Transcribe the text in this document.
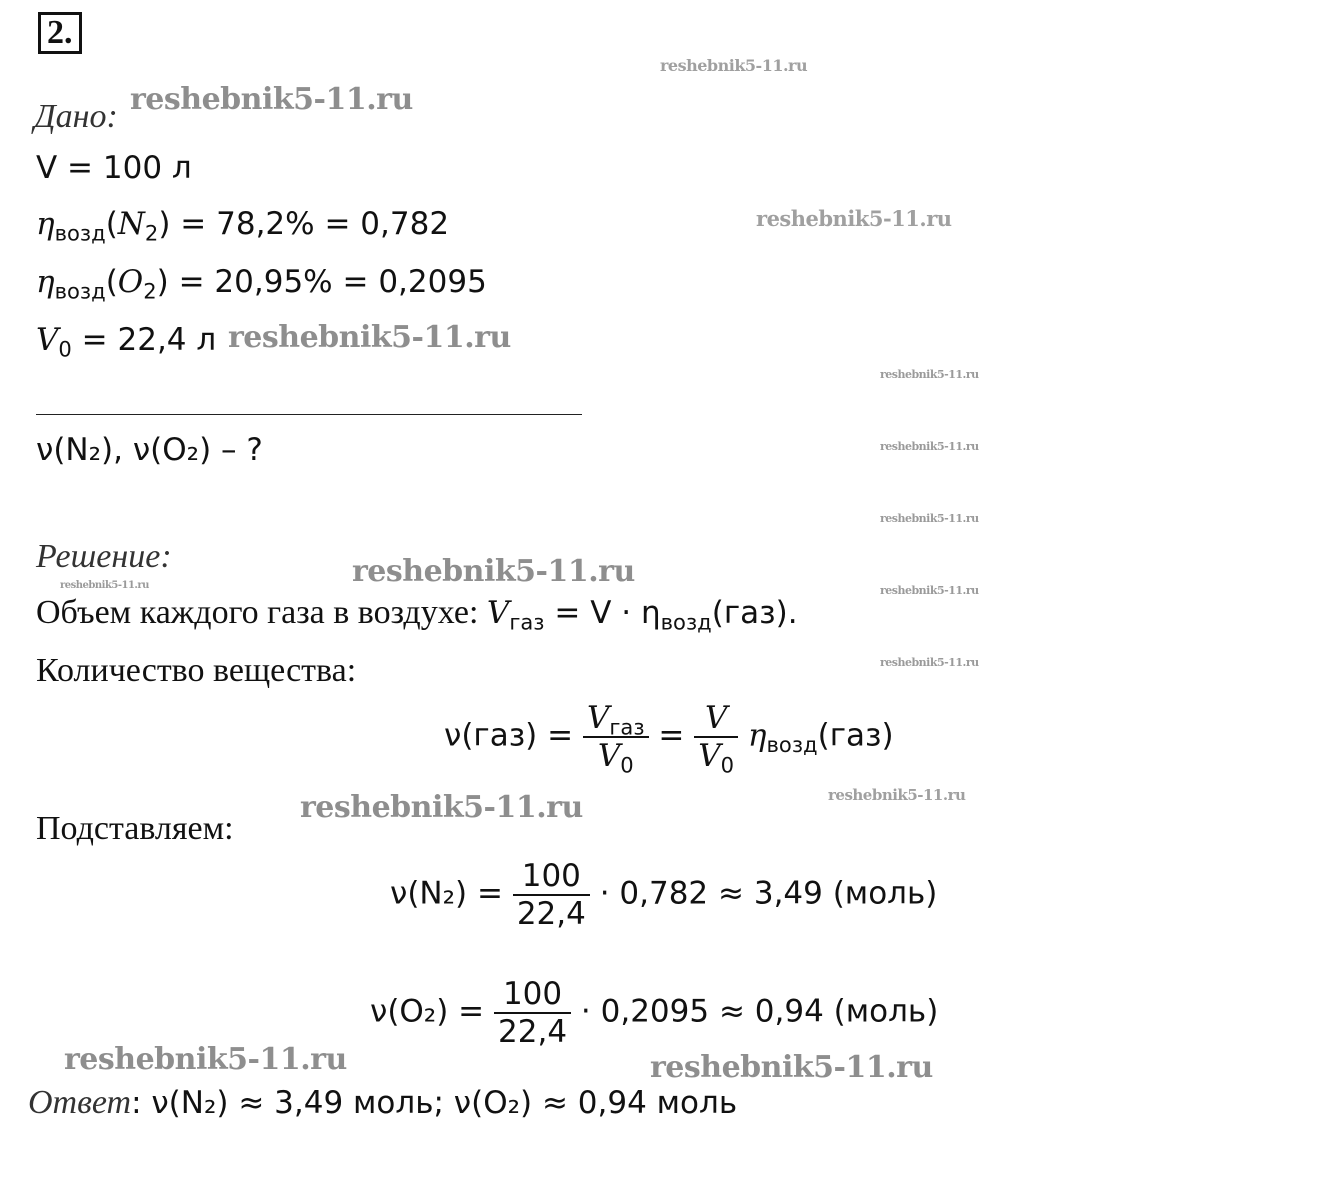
2.
Дано:
V = 100 л
$\eta_{возд}(N_2) = 78,2\% = 0,782$
$\eta_{возд}(O_2) = 20,95\% = 0,2095$
$V_0 = 22,4$ л
ν(N₂), ν(O₂) – ?
Решение:
Объем каждого газа в воздухе: $V_{газ} = V \cdot \eta_{возд}(газ)$.
Количество вещества:
$\nu(газ) = \frac{V_{газ}}{V_0} = \frac{V}{V_0} \eta_{возд}(газ)$
Подставляем:
$\nu(N_2) = \frac{100}{22,4} \cdot 0,782 \approx 3,49$ (моль)
$\nu(O_2) = \frac{100}{22,4} \cdot 0,2095 \approx 0,94$ (моль)
Ответ: ν(N₂) ≈ 3,49 моль; ν(O₂) ≈ 0,94 моль
reshebnik5-11.ru
reshebnik5-11.ru
reshebnik5-11.ru
reshebnik5-11.ru
reshebnik5-11.ru
reshebnik5-11.ru
reshebnik5-11.ru
reshebnik5-11.ru
reshebnik5-11.ru	reshebnik5-11.ru
reshebnik5-11.ru
reshebnik5-11.ru
reshebnik5-11.ru
reshebnik5-11.ru	reshebnik5-11.ru
